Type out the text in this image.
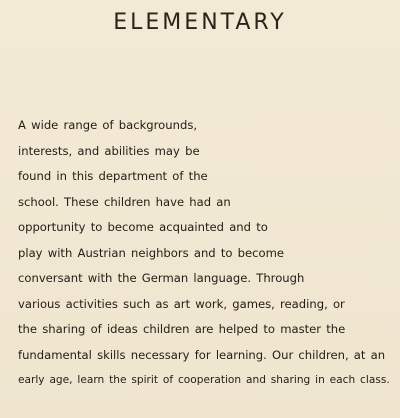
ELEMENTARY
A wide range of backgrounds,
interests, and abilities may be
found in this department of the
school. These children have had an
opportunity to become acquainted and to
play with Austrian neighbors and to become
conversant with the German language. Through
various activities such as art work, games, reading, or
the sharing of ideas children are helped to master the
fundamental skills necessary for learning. Our children, at an
early age, learn the spirit of cooperation and sharing in each class.
